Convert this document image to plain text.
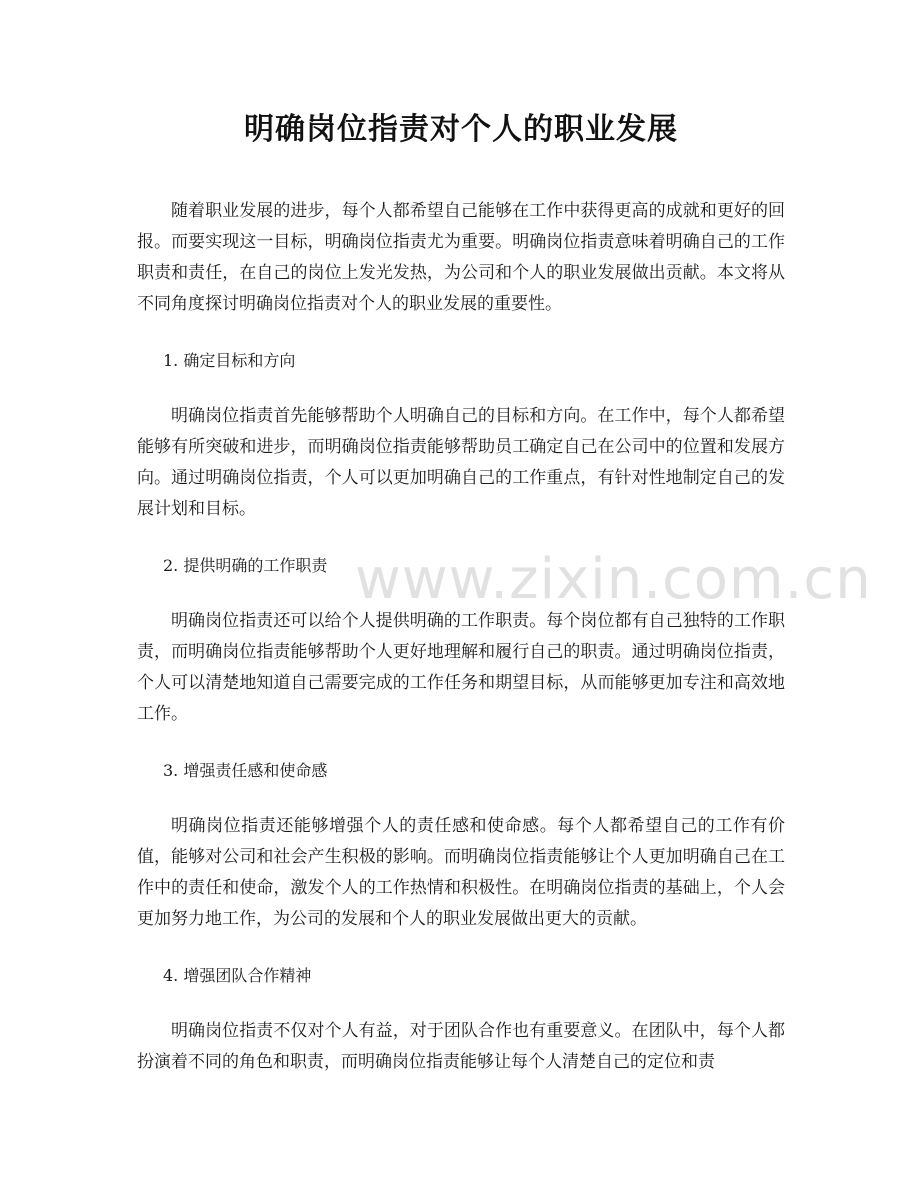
明确岗位指责对个人的职业发展

随着职业发展的进步，每个人都希望自己能够在工作中获得更高的成就和更好的回报。而要实现这一目标，明确岗位指责尤为重要。明确岗位指责意味着明确自己的工作职责和责任，在自己的岗位上发光发热，为公司和个人的职业发展做出贡献。本文将从不同角度探讨明确岗位指责对个人的职业发展的重要性。

1. 确定目标和方向

明确岗位指责首先能够帮助个人明确自己的目标和方向。在工作中，每个人都希望能够有所突破和进步，而明确岗位指责能够帮助员工确定自己在公司中的位置和发展方向。通过明确岗位指责，个人可以更加明确自己的工作重点，有针对性地制定自己的发展计划和目标。

2. 提供明确的工作职责

明确岗位指责还可以给个人提供明确的工作职责。每个岗位都有自己独特的工作职责，而明确岗位指责能够帮助个人更好地理解和履行自己的职责。通过明确岗位指责，个人可以清楚地知道自己需要完成的工作任务和期望目标，从而能够更加专注和高效地工作。

3. 增强责任感和使命感

明确岗位指责还能够增强个人的责任感和使命感。每个人都希望自己的工作有价值，能够对公司和社会产生积极的影响。而明确岗位指责能够让个人更加明确自己在工作中的责任和使命，激发个人的工作热情和积极性。在明确岗位指责的基础上，个人会更加努力地工作，为公司的发展和个人的职业发展做出更大的贡献。

4. 增强团队合作精神

明确岗位指责不仅对个人有益，对于团队合作也有重要意义。在团队中，每个人都扮演着不同的角色和职责，而明确岗位指责能够让每个人清楚自己的定位和责

www.zixin.com.cn
